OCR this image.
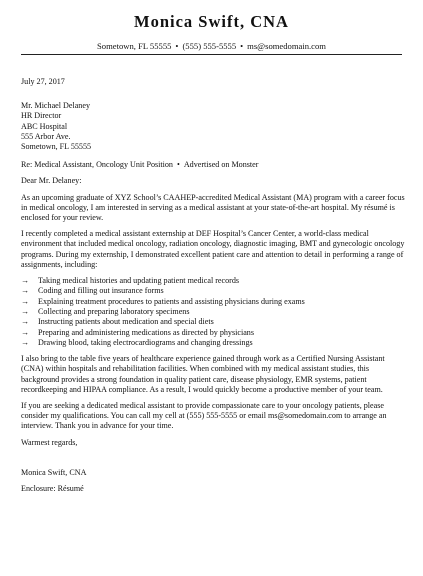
Monica Swift, CNA
Sometown, FL 55555 • (555) 555-5555 • ms@somedomain.com

July 27, 2017

Mr. Michael Delaney
HR Director
ABC Hospital
555 Arbor Ave.
Sometown, FL 55555

Re: Medical Assistant, Oncology Unit Position • Advertised on Monster

Dear Mr. Delaney:

As an upcoming graduate of XYZ School’s CAAHEP-accredited Medical Assistant (MA) program with a career focus in medical oncology, I am interested in serving as a medical assistant at your state-of-the-art hospital. My résumé is enclosed for your review.

I recently completed a medical assistant externship at DEF Hospital’s Cancer Center, a world-class medical environment that included medical oncology, radiation oncology, diagnostic imaging, BMT and gynecologic oncology programs. During my externship, I demonstrated excellent patient care and attention to detail in performing a range of assignments, including:

→ Taking medical histories and updating patient medical records
→ Coding and filling out insurance forms
→ Explaining treatment procedures to patients and assisting physicians during exams
→ Collecting and preparing laboratory specimens
→ Instructing patients about medication and special diets
→ Preparing and administering medications as directed by physicians
→ Drawing blood, taking electrocardiograms and changing dressings

I also bring to the table five years of healthcare experience gained through work as a Certified Nursing Assistant (CNA) within hospitals and rehabilitation facilities. When combined with my medical assistant studies, this background provides a strong foundation in quality patient care, disease physiology, EMR systems, patient recordkeeping and HIPAA compliance. As a result, I would quickly become a productive member of your team.

If you are seeking a dedicated medical assistant to provide compassionate care to your oncology patients, please consider my qualifications. You can call my cell at (555) 555-5555 or email ms@somedomain.com to arrange an interview. Thank you in advance for your time.

Warmest regards,

Monica Swift, CNA

Enclosure: Résumé
